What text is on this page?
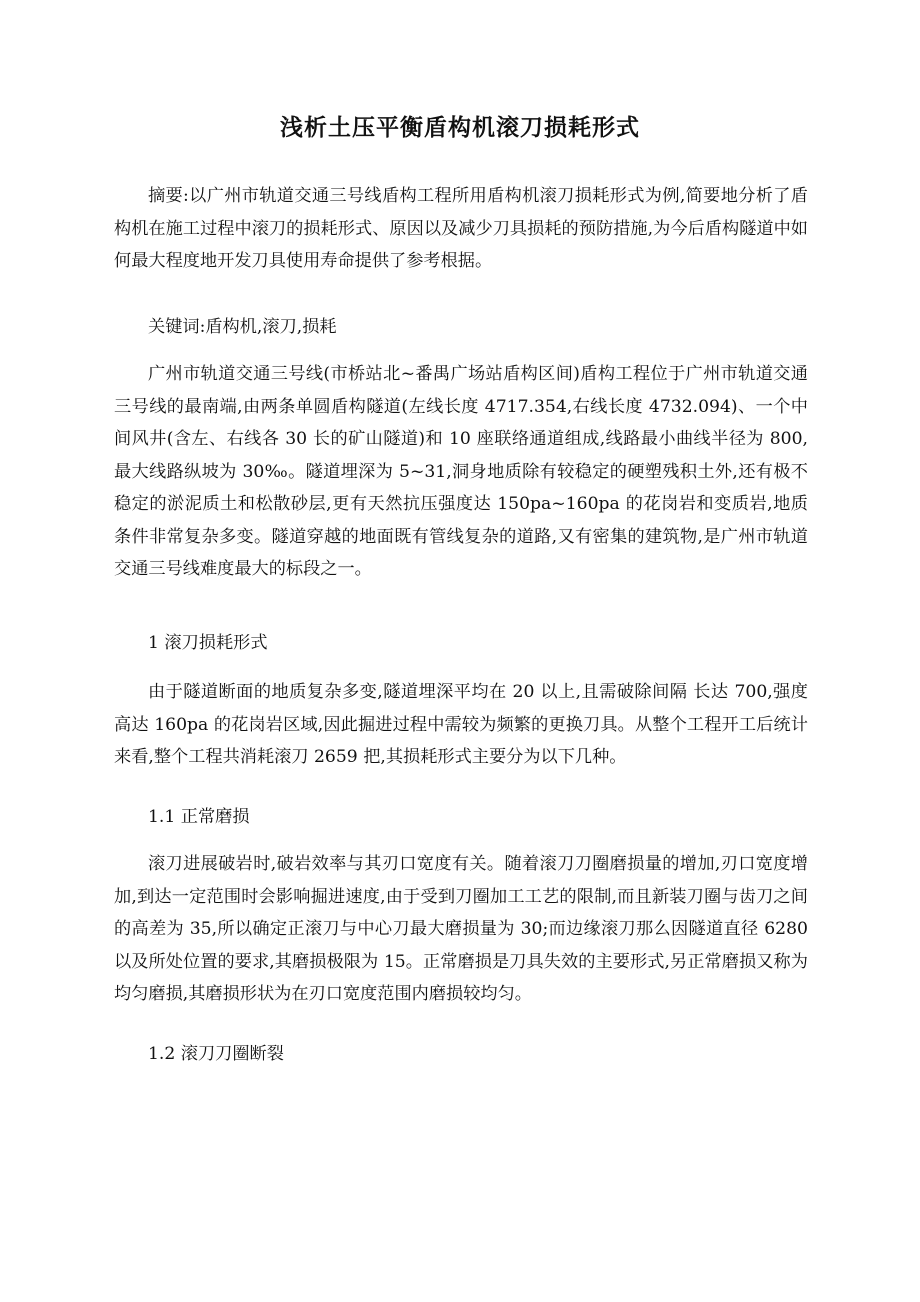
浅析土压平衡盾构机滚刀损耗形式

摘要:以广州市轨道交通三号线盾构工程所用盾构机滚刀损耗形式为例,简要地分析了盾构机在施工过程中滚刀的损耗形式、原因以及减少刀具损耗的预防措施,为今后盾构隧道中如何最大程度地开发刀具使用寿命提供了参考根据。

关键词:盾构机,滚刀,损耗

广州市轨道交通三号线(市桥站北~番禺广场站盾构区间)盾构工程位于广州市轨道交通三号线的最南端,由两条单圆盾构隧道(左线长度 4717.354,右线长度 4732.094)、一个中间风井(含左、右线各 30 长的矿山隧道)和 10 座联络通道组成,线路最小曲线半径为 800,最大线路纵坡为 30‰。隧道埋深为 5~31,洞身地质除有较稳定的硬塑残积土外,还有极不稳定的淤泥质土和松散砂层,更有天然抗压强度达 150pa~160pa 的花岗岩和变质岩,地质条件非常复杂多变。隧道穿越的地面既有管线复杂的道路,又有密集的建筑物,是广州市轨道交通三号线难度最大的标段之一。

1 滚刀损耗形式

由于隧道断面的地质复杂多变,隧道埋深平均在 20 以上,且需破除间隔 长达 700,强度高达 160pa 的花岗岩区域,因此掘进过程中需较为频繁的更换刀具。从整个工程开工后统计来看,整个工程共消耗滚刀 2659 把,其损耗形式主要分为以下几种。

1.1 正常磨损

滚刀进展破岩时,破岩效率与其刃口宽度有关。随着滚刀刀圈磨损量的增加,刃口宽度增加,到达一定范围时会影响掘进速度,由于受到刀圈加工工艺的限制,而且新装刀圈与齿刀之间的高差为 35,所以确定正滚刀与中心刀最大磨损量为 30;而边缘滚刀那么因隧道直径 6280 以及所处位置的要求,其磨损极限为 15。正常磨损是刀具失效的主要形式,另正常磨损又称为均匀磨损,其磨损形状为在刃口宽度范围内磨损较均匀。

1.2 滚刀刀圈断裂
